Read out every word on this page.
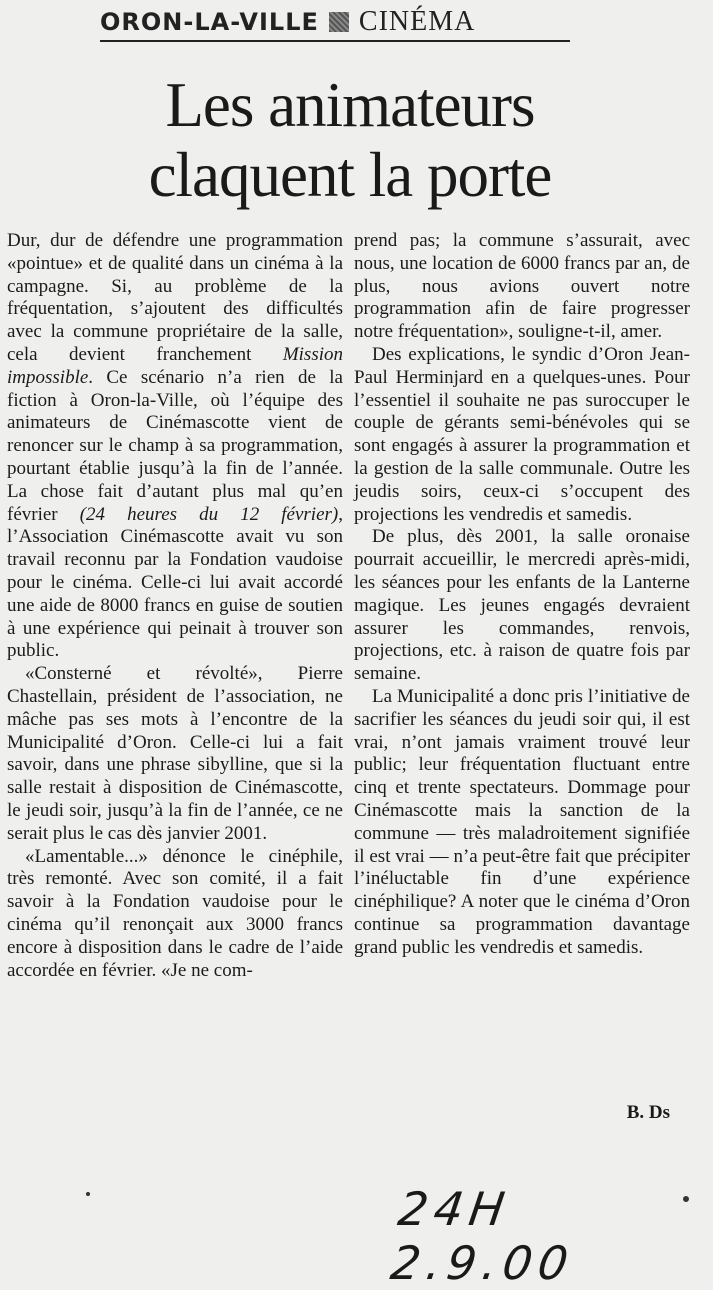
ORON-LA-VILLE CINÉMA
Les animateurs
claquent la porte

Dur, dur de défendre une programmation «pointue» et de qualité dans un cinéma à la campagne. Si, au problème de la fréquentation, s’ajoutent des difficultés avec la commune propriétaire de la salle, cela devient franchement Mission impossible. Ce scénario n’a rien de la fiction à Oron-la-Ville, où l’équipe des animateurs de Cinémascotte vient de renoncer sur le champ à sa programmation, pourtant établie jusqu’à la fin de l’année. La chose fait d’autant plus mal qu’en février (24 heures du 12 février), l’Association Cinémascotte avait vu son travail reconnu par la Fondation vaudoise pour le cinéma. Celle-ci lui avait accordé une aide de 8000 francs en guise de soutien à une expérience qui peinait à trouver son public.

«Consterné et révolté», Pierre Chastellain, président de l’association, ne mâche pas ses mots à l’encontre de la Municipalité d’Oron. Celle-ci lui a fait savoir, dans une phrase sibylline, que si la salle restait à disposition de Cinémascotte, le jeudi soir, jusqu’à la fin de l’année, ce ne serait plus le cas dès janvier 2001.

«Lamentable...» dénonce le cinéphile, très remonté. Avec son comité, il a fait savoir à la Fondation vaudoise pour le cinéma qu’il renonçait aux 3000 francs encore à disposition dans le cadre de l’aide accordée en février. «Je ne com-

prend pas; la commune s’assurait, avec nous, une location de 6000 francs par an, de plus, nous avions ouvert notre programmation afin de faire progresser notre fréquentation», souligne-t-il, amer.

Des explications, le syndic d’Oron Jean-Paul Herminjard en a quelques-unes. Pour l’essentiel il souhaite ne pas suroccuper le couple de gérants semi-bénévoles qui se sont engagés à assurer la programmation et la gestion de la salle communale. Outre les jeudis soirs, ceux-ci s’occupent des projections les vendredis et samedis.

De plus, dès 2001, la salle oronaise pourrait accueillir, le mercredi après-midi, les séances pour les enfants de la Lanterne magique. Les jeunes engagés devraient assurer les commandes, renvois, projections, etc. à raison de quatre fois par semaine.

La Municipalité a donc pris l’initiative de sacrifier les séances du jeudi soir qui, il est vrai, n’ont jamais vraiment trouvé leur public; leur fréquentation fluctuant entre cinq et trente spectateurs. Dommage pour Cinémascotte mais la sanction de la commune — très maladroitement signifiée il est vrai — n’a peut-être fait que précipiter l’inéluctable fin d’une expérience cinéphilique? A noter que le cinéma d’Oron continue sa programmation davantage grand public les vendredis et samedis.

B. Ds
24H 2.9.00
